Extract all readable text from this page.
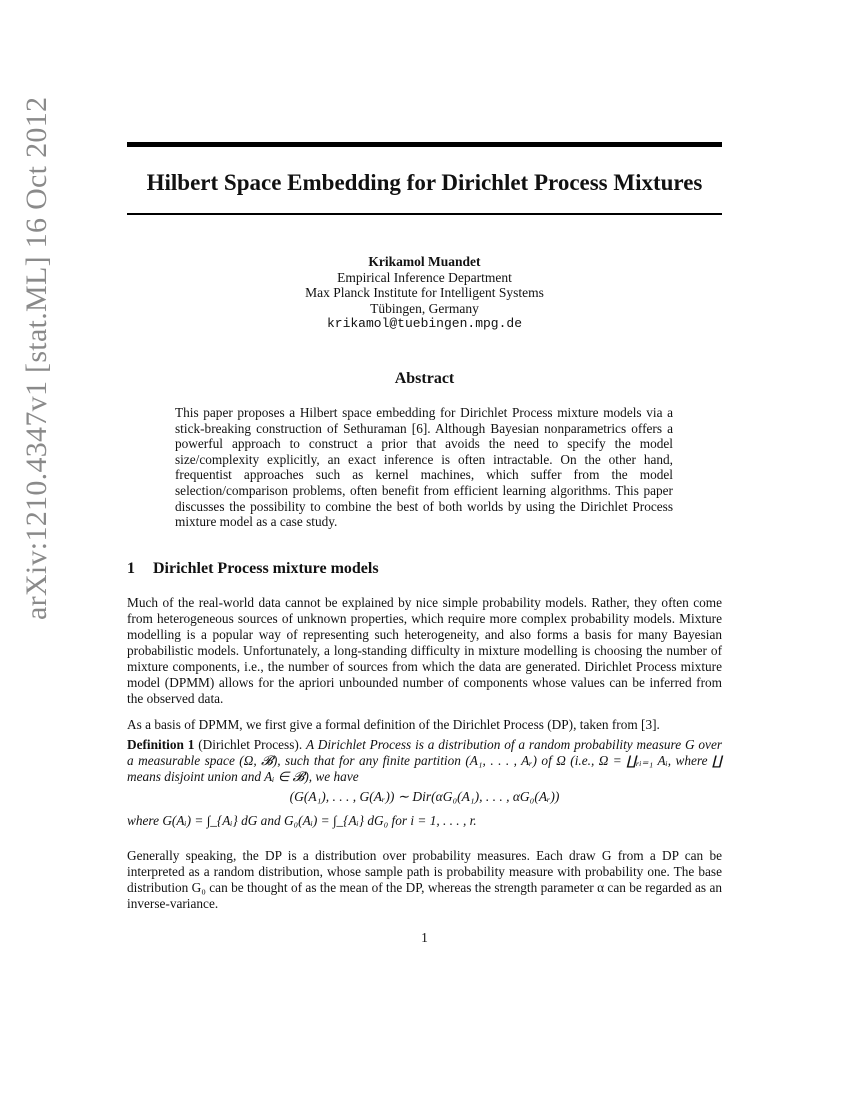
arXiv:1210.4347v1 [stat.ML] 16 Oct 2012	Hilbert Space Embedding for Dirichlet Process Mixtures
Krikamol Muandet
Empirical Inference Department
Max Planck Institute for Intelligent Systems
Tübingen, Germany
krikamol@tuebingen.mpg.de
Abstract
This paper proposes a Hilbert space embedding for Dirichlet Process mixture models via a stick-breaking construction of Sethuraman [6]. Although Bayesian nonparametrics offers a powerful approach to construct a prior that avoids the need to specify the model size/complexity explicitly, an exact inference is often intractable. On the other hand, frequentist approaches such as kernel machines, which suffer from the model selection/comparison problems, often benefit from efficient learning algorithms. This paper discusses the possibility to combine the best of both worlds by using the Dirichlet Process mixture model as a case study.
1 Dirichlet Process mixture models
Much of the real-world data cannot be explained by nice simple probability models. Rather, they often come from heterogeneous sources of unknown properties, which require more complex probability models. Mixture modelling is a popular way of representing such heterogeneity, and also forms a basis for many Bayesian probabilistic models. Unfortunately, a long-standing difficulty in mixture modelling is choosing the number of mixture components, i.e., the number of sources from which the data are generated. Dirichlet Process mixture model (DPMM) allows for the apriori unbounded number of components whose values can be inferred from the observed data.
As a basis of DPMM, we first give a formal definition of the Dirichlet Process (DP), taken from [3].
Definition 1 (Dirichlet Process). A Dirichlet Process is a distribution of a random probability measure G over a measurable space (Ω, 𝓑), such that for any finite partition (A₁, . . . , Aᵣ) of Ω (i.e., Ω = ∐ᵣᵢ₌₁ Aᵢ, where ∐ means disjoint union and Aᵢ ∈ 𝓑), we have
(G(A₁), . . . , G(Aᵣ)) ∼ Dir(αG₀(A₁), . . . , αG₀(Aᵣ))
where G(Aᵢ) = ∫_{Aᵢ} dG and G₀(Aᵢ) = ∫_{Aᵢ} dG₀ for i = 1, . . . , r.
Generally speaking, the DP is a distribution over probability measures. Each draw G from a DP can be interpreted as a random distribution, whose sample path is probability measure with probability one. The base distribution G₀ can be thought of as the mean of the DP, whereas the strength parameter α can be regarded as an inverse-variance.
1
